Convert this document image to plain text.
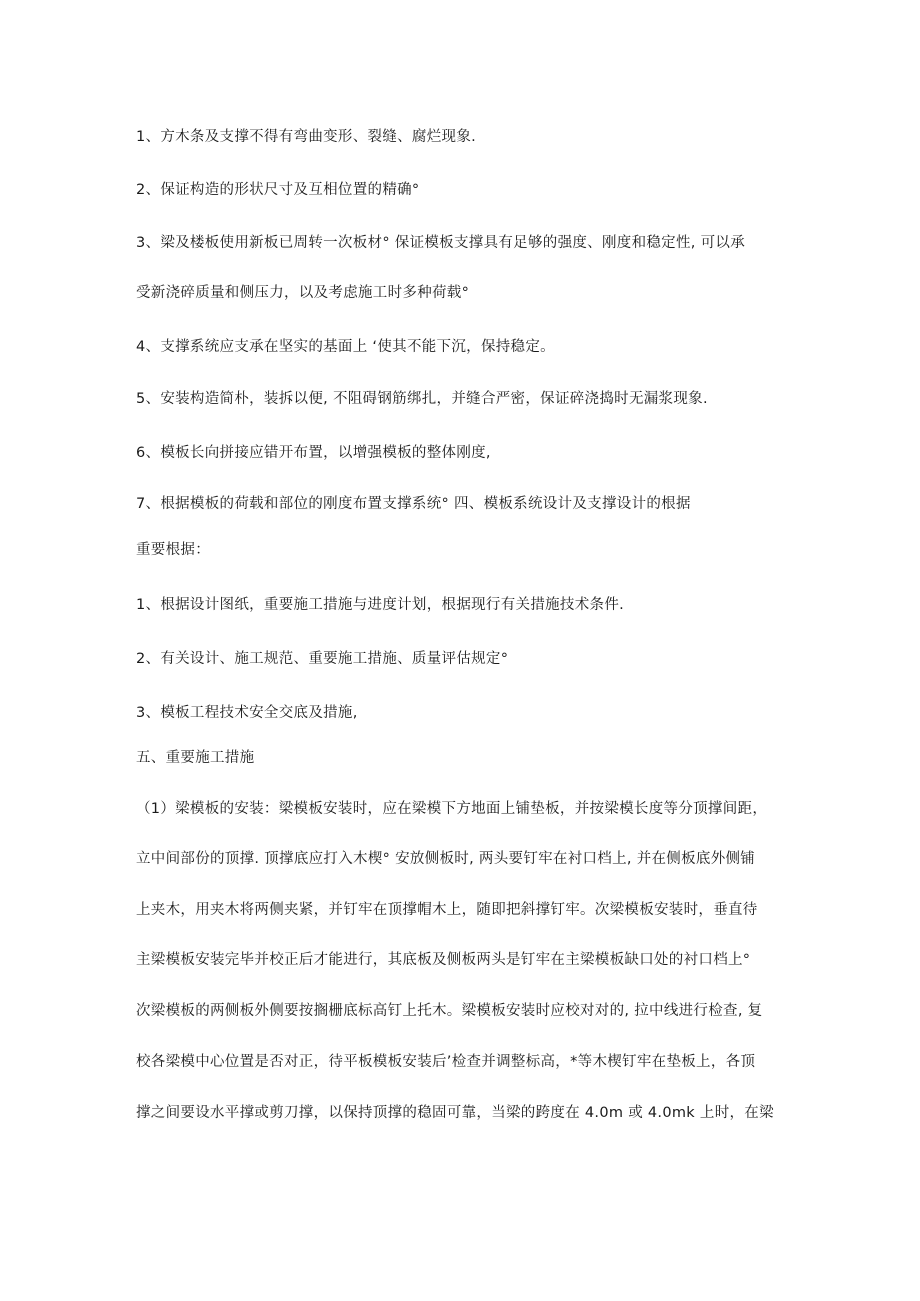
1、方木条及支撑不得有弯曲变形、裂缝、腐烂现象.
2、保证构造的形状尺寸及互相位置的精确°
3、梁及楼板使用新板已周转一次板材° 保证模板支撑具有足够的强度、刚度和稳定性, 可以承
受新浇碎质量和侧压力，以及考虑施工时多种荷载°
4、支撑系统应支承在坚实的基面上 ‘使其不能下沉，保持稳定。
5、安装构造简朴，装拆以便, 不阻碍钢筋绑扎，并缝合严密，保证碎浇捣时无漏浆现象.
6、模板长向拼接应错开布置，以增强模板的整体刚度,
7、根据模板的荷载和部位的刚度布置支撑系统° 四、模板系统设计及支撑设计的根据
重要根据：
1、根据设计图纸，重要施工措施与进度计划，根据现行有关措施技术条件.
2、有关设计、施工规范、重要施工措施、质量评估规定°
3、模板工程技术安全交底及措施,
五、重要施工措施
（1）梁模板的安装：梁模板安装时，应在梁模下方地面上铺垫板，并按梁模长度等分顶撑间距，
立中间部份的顶撑. 顶撑底应打入木楔° 安放侧板时, 两头要钉牢在衬口档上, 并在侧板底外侧铺
上夹木，用夹木将两侧夹紧，并钉牢在顶撑帽木上，随即把斜撑钉牢。次梁模板安装时，垂直待
主梁模板安装完毕并校正后才能进行，其底板及侧板两头是钉牢在主梁模板缺口处的衬口档上°
次梁模板的两侧板外侧要按搁栅底标高钉上托木。梁模板安装时应校对对的, 拉中线进行检查, 复
校各梁模中心位置是否对正，待平板模板安装后’检查并调整标高，*等木楔钉牢在垫板上，各顶
撑之间要设水平撑或剪刀撑，以保持顶撑的稳固可靠，当梁的跨度在 4.0m 或 4.0mk 上时，在梁
